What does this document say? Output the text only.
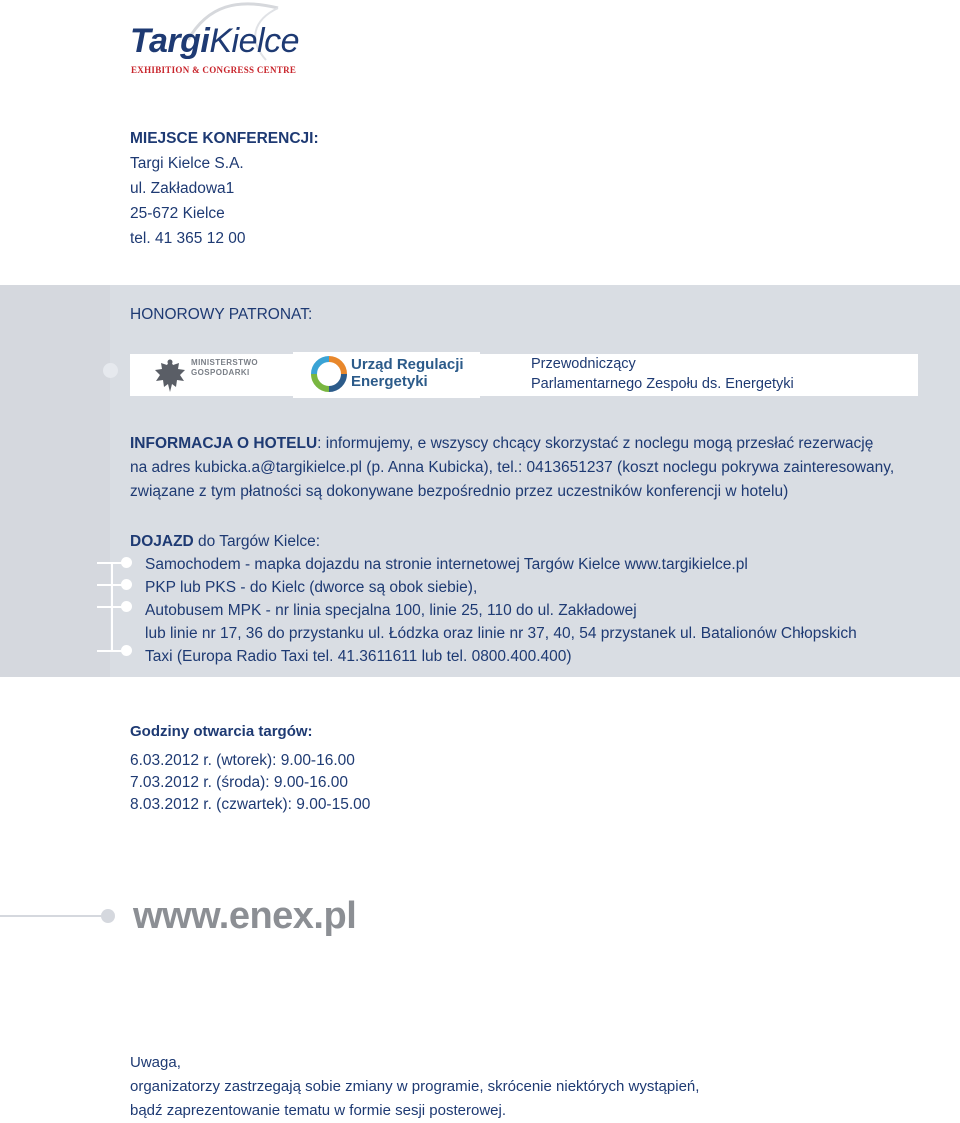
TargiKielce
EXHIBITION & CONGRESS CENTRE
MIEJSCE KONFERENCJI:
Targi Kielce S.A.
ul. Zakładowa1
25-672 Kielce
tel. 41 365 12 00
HONOROWY PATRONAT:
MINISTERSTWO
GOSPODARKI	Urząd Regulacji
Energetyki
Przewodniczący
Parlamentarnego Zespołu ds. Energetyki
INFORMACJA O HOTELU: informujemy, e wszyscy chcący skorzystać z noclegu mogą przesłać rezerwację
na adres kubicka.a@targikielce.pl (p. Anna Kubicka), tel.: 0413651237 (koszt noclegu pokrywa zainteresowany,
związane z tym płatności są dokonywane bezpośrednio przez uczestników konferencji w hotelu)
DOJAZD do Targów Kielce:
Samochodem - mapka dojazdu na stronie internetowej Targów Kielce www.targikielce.pl
PKP lub PKS - do Kielc (dworce są obok siebie),
Autobusem MPK - nr linia specjalna 100, linie 25, 110 do ul. Zakładowej
lub linie nr 17, 36 do przystanku ul. Łódzka oraz linie nr 37, 40, 54 przystanek ul. Batalionów Chłopskich
Taxi (Europa Radio Taxi tel. 41.3611611 lub tel. 0800.400.400)
Godziny otwarcia targów:
6.03.2012 r. (wtorek): 9.00-16.00
7.03.2012 r. (środa): 9.00-16.00
8.03.2012 r. (czwartek): 9.00-15.00
www.enex.pl
Uwaga,
organizatorzy zastrzegają sobie zmiany w programie, skrócenie niektórych wystąpień,
bądź zaprezentowanie tematu w formie sesji posterowej.
